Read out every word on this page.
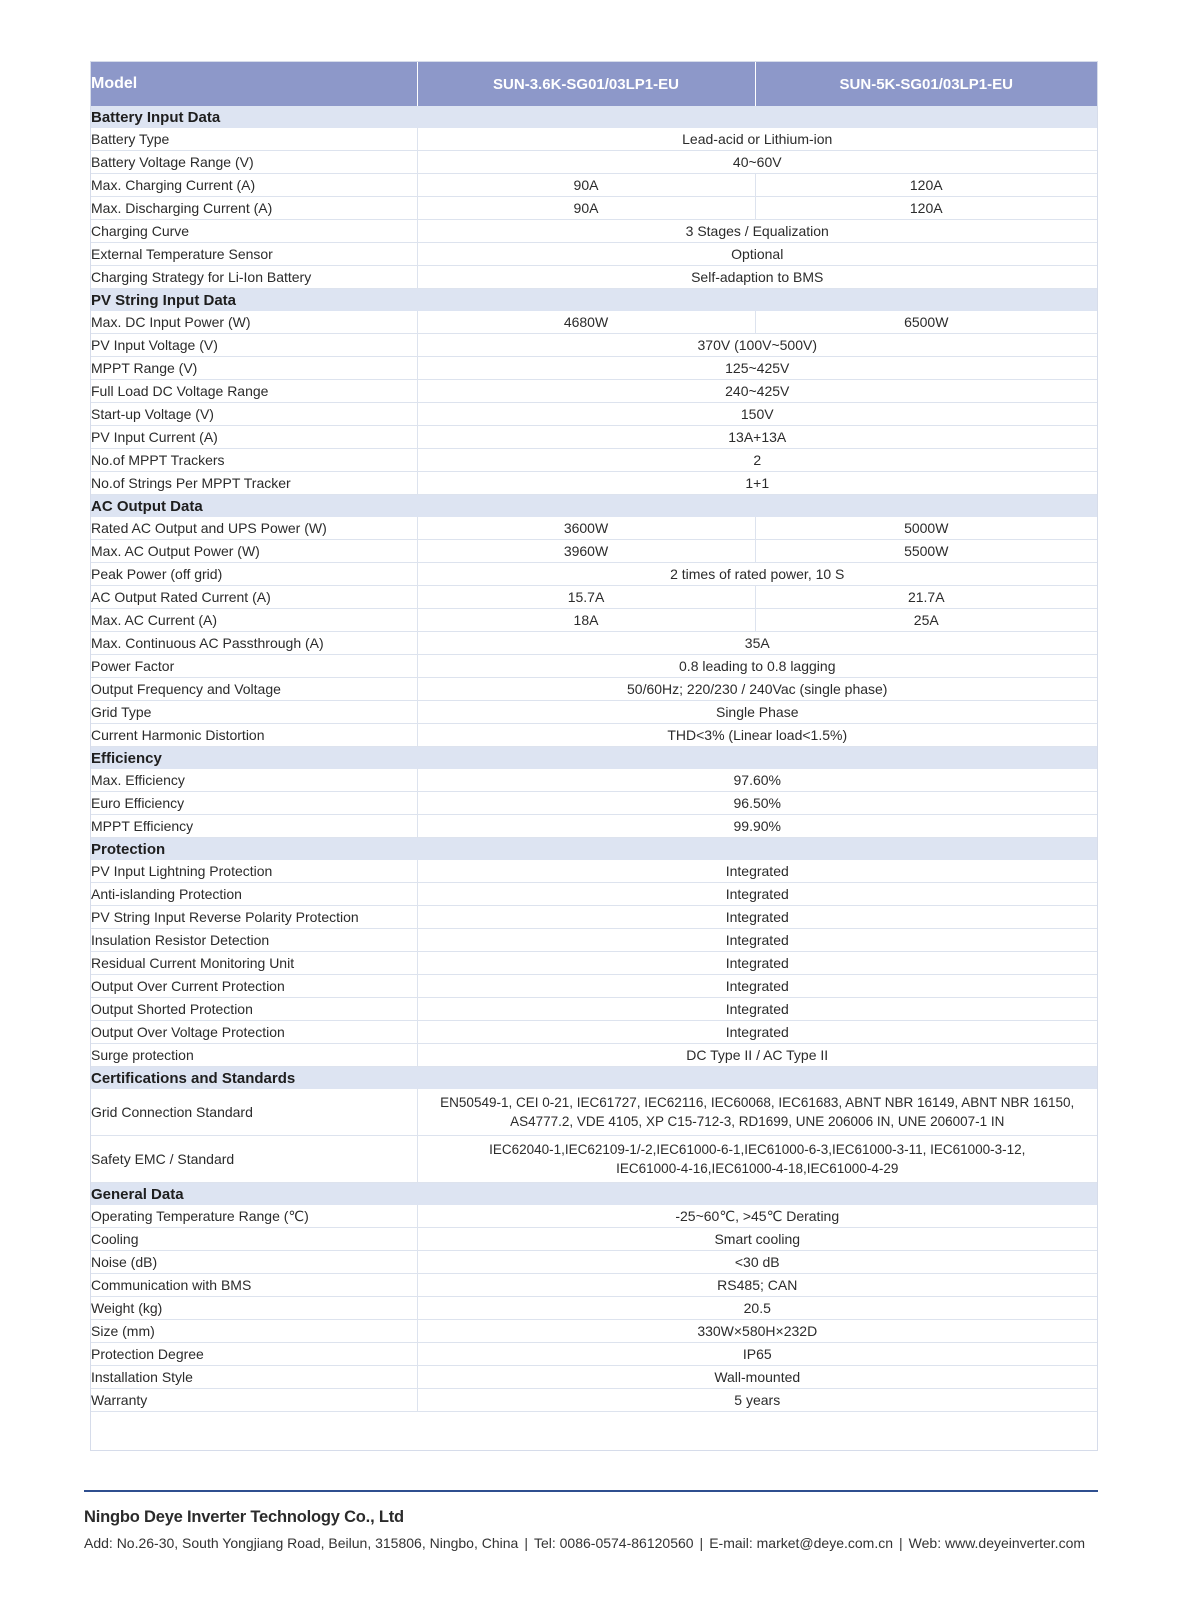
Model	SUN-3.6K-SG01/03LP1-EU	SUN-5K-SG01/03LP1-EU
Battery Input Data		
Battery Type	Lead-acid or Lithium-ion	
Battery Voltage Range (V)	40~60V	
Max. Charging Current (A)	90A	120A
Max. Discharging Current (A)	90A	120A
Charging Curve	3 Stages / Equalization	
External Temperature Sensor	Optional	
Charging Strategy for Li-Ion Battery	Self-adaption to BMS	
PV String Input Data		
Max. DC Input Power (W)	4680W	6500W
PV Input Voltage (V)	370V (100V~500V)	
MPPT Range (V)	125~425V	
Full Load DC Voltage Range	240~425V	
Start-up Voltage (V)	150V	
PV Input Current (A)	13A+13A	
No.of MPPT Trackers	2	
No.of Strings Per MPPT Tracker	1+1	
AC Output Data		
Rated AC Output and UPS Power (W)	3600W	5000W
Max. AC Output Power (W)	3960W	5500W
Peak Power (off grid)	2 times of rated power, 10 S	
AC Output Rated Current (A)	15.7A	21.7A
Max. AC Current (A)	18A	25A
Max. Continuous AC Passthrough (A)	35A	
Power Factor	0.8 leading to 0.8 lagging	
Output Frequency and Voltage	50/60Hz; 220/230 / 240Vac (single phase)	
Grid Type	Single Phase	
Current Harmonic Distortion	THD<3% (Linear load<1.5%)	
Efficiency		
Max. Efficiency	97.60%	
Euro Efficiency	96.50%	
MPPT Efficiency	99.90%	
Protection		
PV Input Lightning Protection	Integrated	
Anti-islanding Protection	Integrated	
PV String Input Reverse Polarity Protection	Integrated	
Insulation Resistor Detection	Integrated	
Residual Current Monitoring Unit	Integrated	
Output Over Current Protection	Integrated	
Output Shorted Protection	Integrated	
Output Over Voltage Protection	Integrated	
Surge protection	DC Type II / AC Type II	
Certifications and Standards		
Grid Connection Standard	EN50549-1, CEI 0-21, IEC61727, IEC62116, IEC60068, IEC61683, ABNT NBR 16149, ABNT NBR 16150,
AS4777.2, VDE 4105, XP C15-712-3, RD1699, UNE 206006 IN, UNE 206007-1 IN	

Safety EMC / Standard	IEC62040-1,IEC62109-1/-2,IEC61000-6-1,IEC61000-6-3,IEC61000-3-11, IEC61000-3-12,
IEC61000-4-16,IEC61000-4-18,IEC61000-4-29	

General Data		
Operating Temperature Range (℃)	-25~60℃, >45℃ Derating	
Cooling	Smart cooling	
Noise (dB)	<30 dB	
Communication with BMS	RS485; CAN	
Weight (kg)	20.5	
Size (mm)	330W×580H×232D	
Protection Degree	IP65	
Installation Style	Wall-mounted	
Warranty	5 years	
Ningbo Deye Inverter Technology Co., Ltd
Add: No.26-30, South Yongjiang Road, Beilun, 315806, Ningbo, China | Tel: 0086-0574-86120560 | E-mail: market@deye.com.cn | Web: www.deyeinverter.com
